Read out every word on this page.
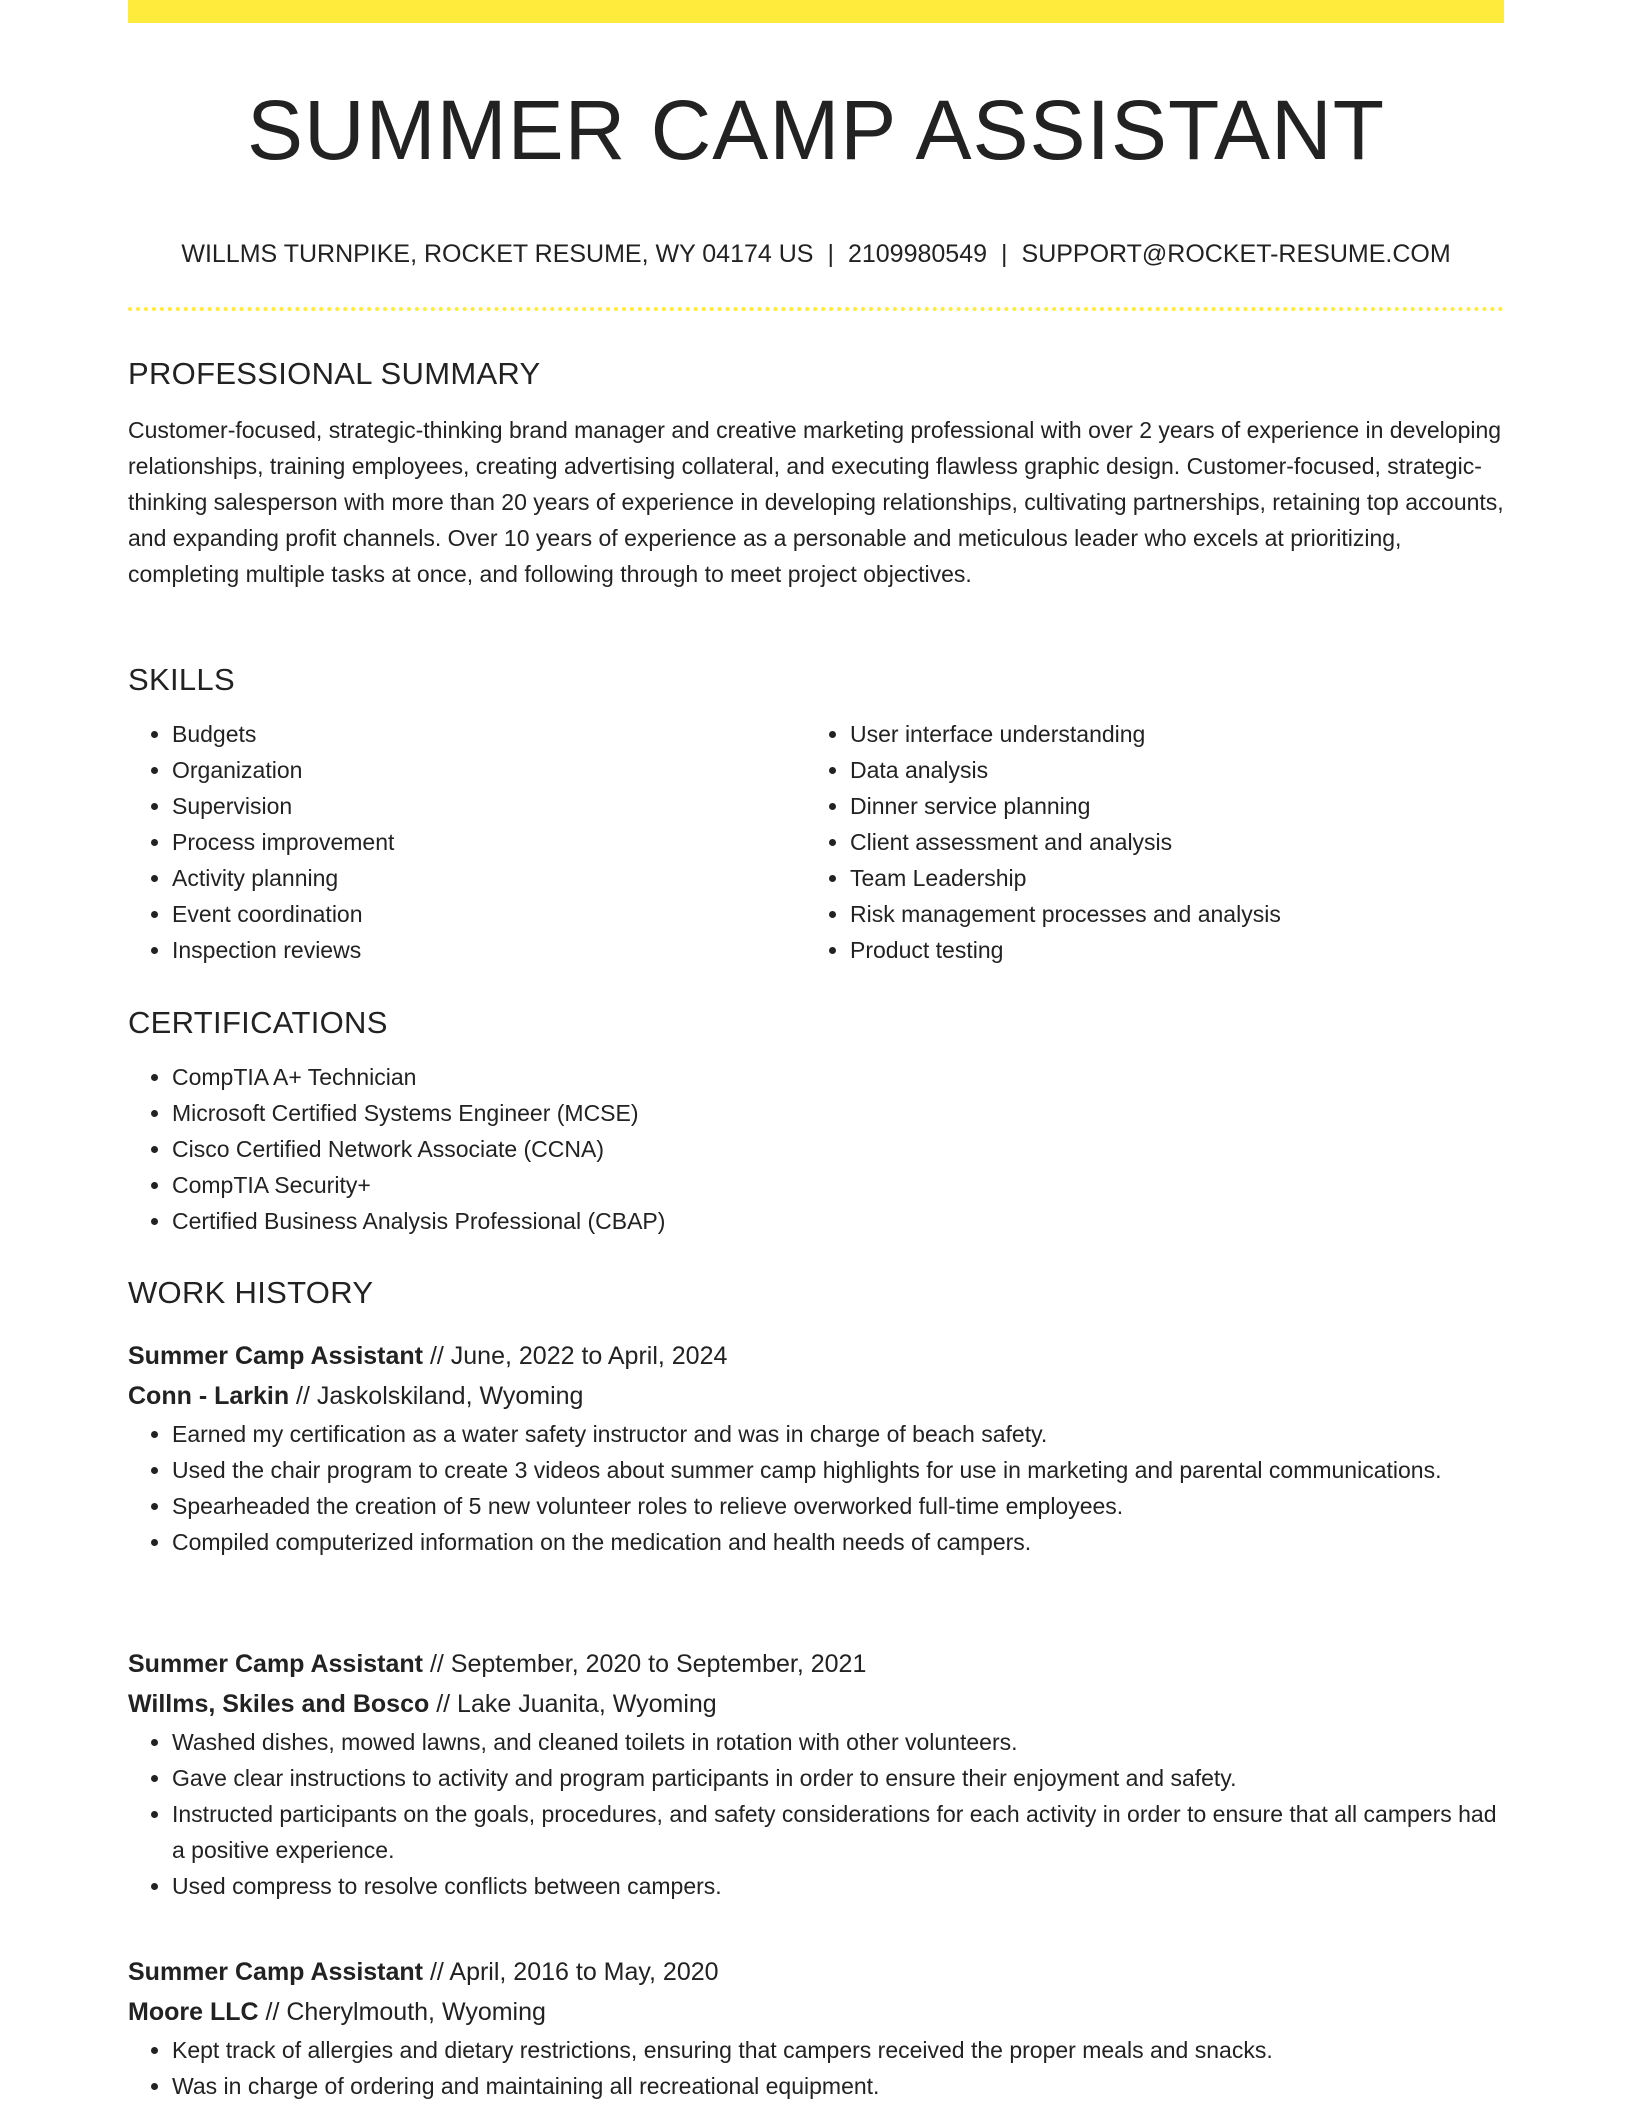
SUMMER CAMP ASSISTANT
WILLMS TURNPIKE, ROCKET RESUME, WY 04174 US | 2109980549 | SUPPORT@ROCKET-RESUME.COM
PROFESSIONAL SUMMARY

Customer-focused, strategic-thinking brand manager and creative marketing professional with over 2 years of experience in developing relationships, training employees, creating advertising collateral, and executing flawless graphic design. Customer-focused, strategic-thinking salesperson with more than 20 years of experience in developing relationships, cultivating partnerships, retaining top accounts, and expanding profit channels. Over 10 years of experience as a personable and meticulous leader who excels at prioritizing, completing multiple tasks at once, and following through to meet project objectives.

SKILLS
• Budgets
• Organization
• Supervision
• Process improvement
• Activity planning
• Event coordination
• Inspection reviews
• User interface understanding
• Data analysis
• Dinner service planning
• Client assessment and analysis
• Team Leadership
• Risk management processes and analysis
• Product testing
CERTIFICATIONS
• CompTIA A+ Technician
• Microsoft Certified Systems Engineer (MCSE)
• Cisco Certified Network Associate (CCNA)
• CompTIA Security+
• Certified Business Analysis Professional (CBAP)
WORK HISTORY

Summer Camp Assistant // June, 2022 to April, 2024

Conn - Larkin // Jaskolskiland, Wyoming

• Earned my certification as a water safety instructor and was in charge of beach safety.
• Used the chair program to create 3 videos about summer camp highlights for use in marketing and parental communications.
• Spearheaded the creation of 5 new volunteer roles to relieve overworked full-time employees.
• Compiled computerized information on the medication and health needs of campers.

Summer Camp Assistant // September, 2020 to September, 2021

Willms, Skiles and Bosco // Lake Juanita, Wyoming

• Washed dishes, mowed lawns, and cleaned toilets in rotation with other volunteers.
• Gave clear instructions to activity and program participants in order to ensure their enjoyment and safety.
• Instructed participants on the goals, procedures, and safety considerations for each activity in order to ensure that all campers had a positive experience.
• Used compress to resolve conflicts between campers.

Summer Camp Assistant // April, 2016 to May, 2020

Moore LLC // Cherylmouth, Wyoming

• Kept track of allergies and dietary restrictions, ensuring that campers received the proper meals and snacks.
• Was in charge of ordering and maintaining all recreational equipment.
